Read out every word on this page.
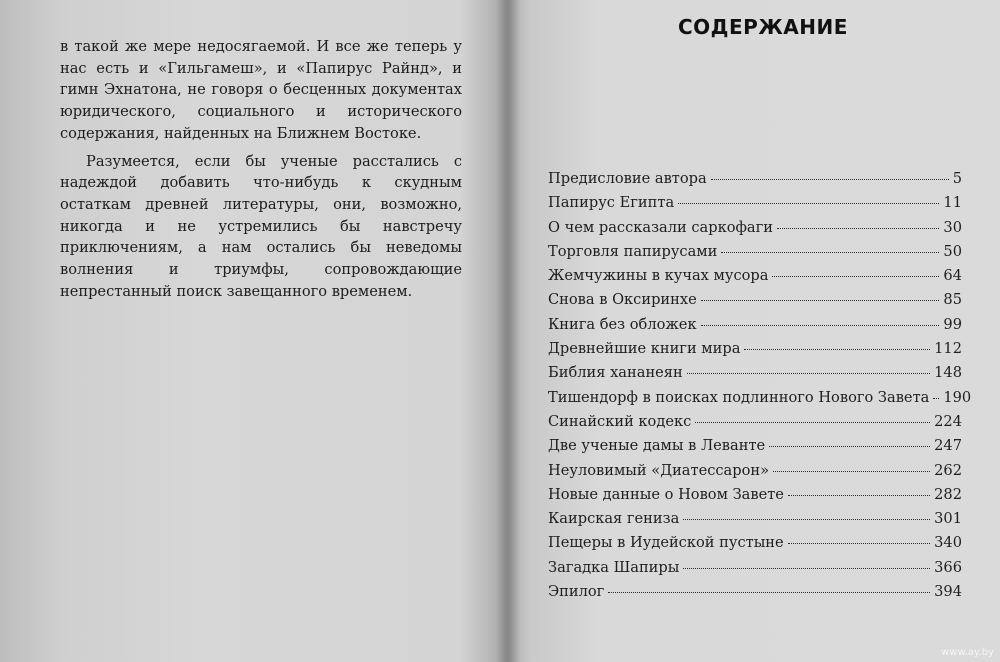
в такой же мере недосягаемой. И все же теперь у нас есть и «Гильгамеш», и «Папирус Райнд», и гимн Эхнатона, не говоря о бесценных документах юридического, социального и исторического содержания, найденных на Ближнем Востоке.

Разумеется, если бы ученые расстались с надеждой добавить что-нибудь к скудным остаткам древней литературы, они, возможно, никогда и не устремились бы навстречу приключениям, а нам остались бы неведомы волнения и триумфы, сопровождающие непрестанный поиск завещанного временем.

СОДЕРЖАНИЕ
Предисловие автора	5
Папирус Египта	11
О чем рассказали саркофаги	30
Торговля папирусами	50
Жемчужины в кучах мусора	64
Снова в Оксиринхе	85
Книга без обложек	99
Древнейшие книги мира	112
Библия хананеян	148
Тишендорф в поисках подлинного Нового Завета 190
Синайский кодекс	224
Две ученые дамы в Леванте	247
Неуловимый «Диатессарон»	262
Новые данные о Новом Завете	282
Каирская гениза	301
Пещеры в Иудейской пустыне	340
Загадка Шапиры	366
Эпилог	394
www.ay.by
